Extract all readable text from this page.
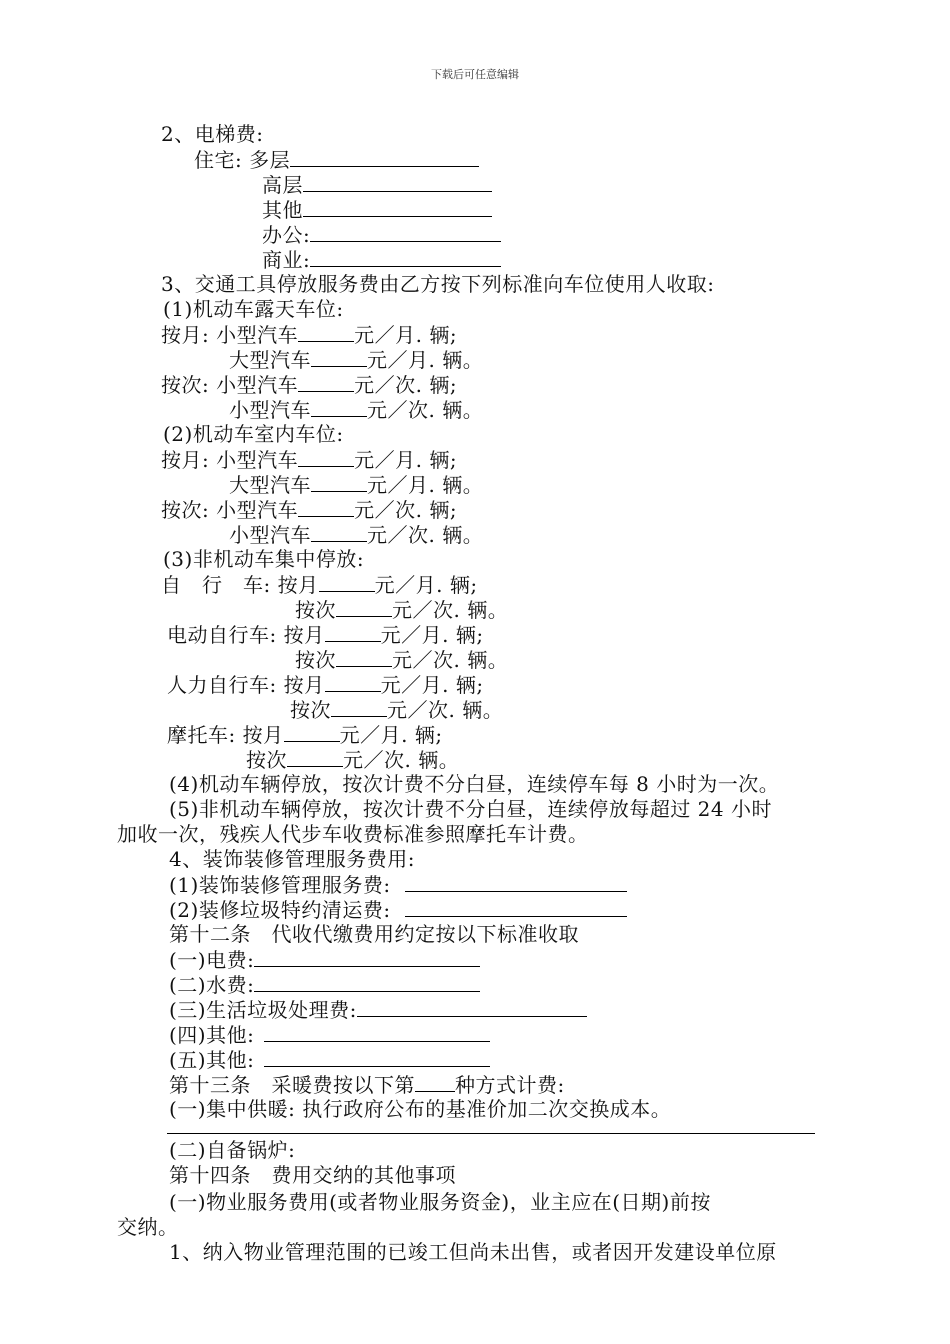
下载后可任意编辑
2、电梯费:
住宅: 多层
高层
其他
办公:
商业:
3、交通工具停放服务费由乙方按下列标准向车位使用人收取:
(1)机动车露天车位:
按月: 小型汽车	元／月. 辆;
大型汽车	元／月. 辆。
按次: 小型汽车	元／次. 辆;
小型汽车	元／次. 辆。
(2)机动车室内车位:
按月: 小型汽车	元／月. 辆;
大型汽车	元／月. 辆。
按次: 小型汽车	元／次. 辆;
小型汽车	元／次. 辆。
(3)非机动车集中停放:
自　行　车: 按月	元／月. 辆;
按次	元／次. 辆。
电动自行车: 按月	元／月. 辆;
按次	元／次. 辆。
人力自行车: 按月	元／月. 辆;
按次	元／次. 辆。
摩托车: 按月	元／月. 辆;
按次	元／次. 辆。
(4)机动车辆停放，按次计费不分白昼，连续停车每 8 小时为一次。
(5)非机动车辆停放，按次计费不分白昼，连续停放每超过 24 小时
加收一次，残疾人代步车收费标准参照摩托车计费。
4、装饰装修管理服务费用:
(1)装饰装修管理服务费:
(2)装修垃圾特约清运费:
第十二条　代收代缴费用约定按以下标准收取
(一)电费:
(二)水费:
(三)生活垃圾处理费:
(四)其他:
(五)其他:
第十三条　采暖费按以下第 种方式计费:
(一)集中供暖: 执行政府公布的基准价加二次交换成本。
(二)自备锅炉:
第十四条　费用交纳的其他事项
(一)物业服务费用(或者物业服务资金)，业主应在(日期)前按
交纳。
1、纳入物业管理范围的已竣工但尚未出售，或者因开发建设单位原
